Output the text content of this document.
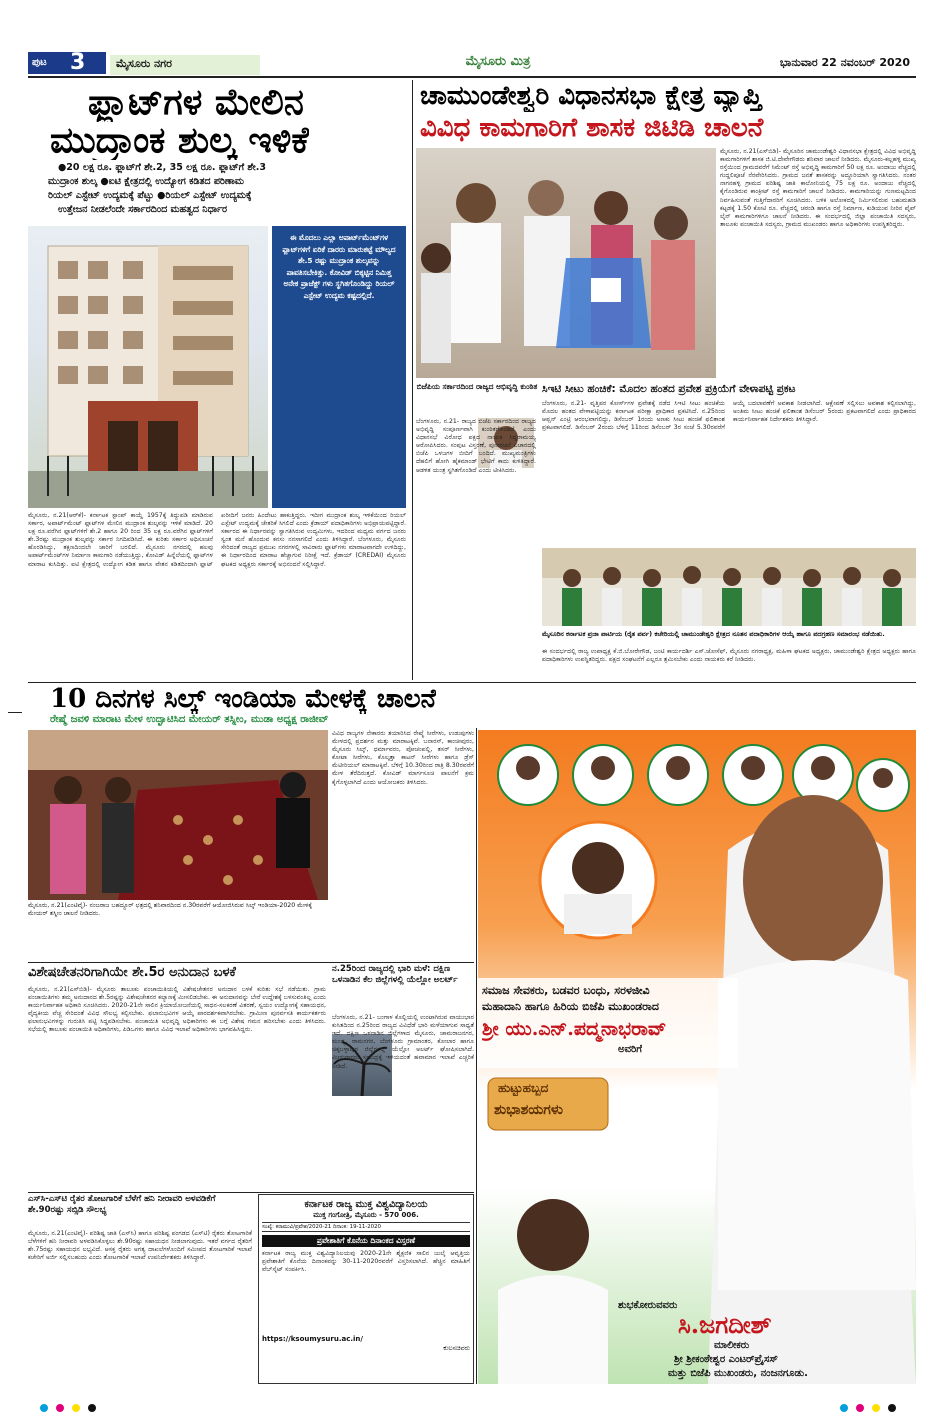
ಪುಟ 3	ಮೈಸೂರು ನಗರ	ಮೈಸೂರು ಮಿತ್ರ	ಭಾನುವಾರ 22 ನವಂಬರ್ 2020
ಫ್ಲಾಟ್‌ಗಳ ಮೇಲಿನ
ಮುದ್ರಾಂಕ ಶುಲ್ಕ ಇಳಿಕೆ
●20 ಲಕ್ಷ ರೂ. ಫ್ಲಾಟ್‌ಗೆ ಶೇ.2, 35 ಲಕ್ಷ ರೂ. ಫ್ಲಾಟ್‌ಗೆ ಶೇ.3
ಮುದ್ರಾಂಕ ಶುಲ್ಕ ●ಐಟಿ ಕ್ಷೇತ್ರದಲ್ಲಿ ಉದ್ಯೋಗ ಕಡಿತದ ಪರಿಣಾಮ
ರಿಯಲ್ ಎಸ್ಟೇಟ್ ಉದ್ಯಮಕ್ಕೆ ಪೆಟ್ಟು ●ರಿಯಲ್ ಎಸ್ಟೇಟ್ ಉದ್ಯಮಕ್ಕೆ
ಉತ್ತೇಜನ ನೀಡಲೆಂದೇ ಸರ್ಕಾರದಿಂದ ಮಹತ್ವದ ನಿರ್ಧಾರ
ಈ ಮೊದಲು ಎಲ್ಲಾ ಅಪಾರ್ಟ್‌ಮೆಂಟ್‌ಗಳ ಫ್ಲಾಟ್‌ಗಳಿಗೆ ಏರಿಕೆ ದಾರರು ಮಾರುಕಟ್ಟೆ ಮೌಲ್ಯದ ಶೇ.5 ರಷ್ಟು ಮುದ್ರಾಂಕ ಶುಲ್ಕವನ್ನು ಪಾವತಿಸಬೇಕಿತ್ತು. ಕೋವಿಡ್ ಬಿಕ್ಕಟ್ಟಿನ ನಿಮಿತ್ತ ಅನೇಕ ಪ್ರಾಜೆಕ್ಟ್ ಗಳು ಸ್ಥಗಿತಗೊಂಡಿದ್ದು ರಿಯಲ್ ಎಸ್ಟೇಟ್ ಉದ್ಯಮ ಕಷ್ಟದಲ್ಲಿದೆ.
ಮೈಸೂರು, ನ.21(ಆರ್‌ಕೆ)- ಕರ್ನಾಟಕ ಸ್ಟಾಂಪ್ ಕಾಯ್ದೆ 1957ಕ್ಕೆ ತಿದ್ದುಪಡಿ ಮಾಡಿರುವ ಸರ್ಕಾರ, ಅಪಾರ್ಟ್‌ಮೆಂಟ್ ಫ್ಲಾಟ್‌ಗಳ ಮೇಲಿನ ಮುದ್ರಾಂಕ ಶುಲ್ಕವನ್ನು ಇಳಿಕೆ ಮಾಡಿದೆ. 20 ಲಕ್ಷ ರೂ.ವರೆಗಿನ ಫ್ಲಾಟ್‌ಗಳಿಗೆ ಶೇ.2 ಹಾಗೂ 20 ರಿಂದ 35 ಲಕ್ಷ ರೂ.ವರೆಗಿನ ಫ್ಲಾಟ್‌ಗಳಿಗೆ ಶೇ.3ರಷ್ಟು ಮುದ್ರಾಂಕ ಶುಲ್ಕವನ್ನು ಸರ್ಕಾರ ನಿಗದಿಪಡಿಸಿದೆ. ಈ ಕುರಿತು ಸರ್ಕಾರ ಅಧಿಸೂಚನೆ ಹೊರಡಿಸಿದ್ದು, ತಕ್ಷಣದಿಂದಲೇ ಜಾರಿಗೆ ಬರಲಿದೆ. ಮೈಸೂರು ನಗರದಲ್ಲಿ ಹಲವು ಅಪಾರ್ಟ್‌ಮೆಂಟ್‌ಗಳ ನಿರ್ಮಾಣ ಕಾಮಗಾರಿ ನಡೆಯುತ್ತಿದ್ದು, ಕೋವಿಡ್ ಹಿನ್ನೆಲೆಯಲ್ಲಿ ಫ್ಲಾಟ್‌ಗಳ ಮಾರಾಟ ಕುಸಿದಿತ್ತು. ಐಟಿ ಕ್ಷೇತ್ರದಲ್ಲಿ ಉದ್ಯೋಗ ಕಡಿತ ಹಾಗೂ ವೇತನ ಕಡಿತದಿಂದಾಗಿ ಫ್ಲಾಟ್ ಖರೀದಿಗೆ ಜನರು ಹಿಂದೇಟು ಹಾಕುತ್ತಿದ್ದರು. ಇದೀಗ ಮುದ್ರಾಂಕ ಶುಲ್ಕ ಇಳಿಕೆಯಿಂದ ರಿಯಲ್ ಎಸ್ಟೇಟ್ ಉದ್ಯಮಕ್ಕೆ ಚೇತರಿಕೆ ಸಿಗಲಿದೆ ಎಂದು ಕ್ರೆಡಾಯ್ ಪದಾಧಿಕಾರಿಗಳು ಅಭಿಪ್ರಾಯಪಟ್ಟಿದ್ದಾರೆ. ಸರ್ಕಾರದ ಈ ನಿರ್ಧಾರವನ್ನು ಸ್ವಾಗತಿಸಿರುವ ಉದ್ಯಮಿಗಳು, ಇದರಿಂದ ಮಧ್ಯಮ ವರ್ಗದ ಜನರು ಸ್ವಂತ ಮನೆ ಹೊಂದುವ ಕನಸು ನನಸಾಗಲಿದೆ ಎಂದು ತಿಳಿಸಿದ್ದಾರೆ. ಬೆಂಗಳೂರು, ಮೈಸೂರು ಸೇರಿದಂತೆ ರಾಜ್ಯದ ಪ್ರಮುಖ ನಗರಗಳಲ್ಲಿ ಸಾವಿರಾರು ಫ್ಲಾಟ್‌ಗಳು ಮಾರಾಟವಾಗದೇ ಉಳಿದಿದ್ದು, ಈ ನಿರ್ಧಾರದಿಂದ ಮಾರಾಟ ಹೆಚ್ಚಾಗುವ ನಿರೀಕ್ಷೆ ಇದೆ. ಕ್ರೆಡಾಯ್ (CREDAI) ಮೈಸೂರು ಘಟಕದ ಅಧ್ಯಕ್ಷರು ಸರ್ಕಾರಕ್ಕೆ ಅಭಿನಂದನೆ ಸಲ್ಲಿಸಿದ್ದಾರೆ.
ಚಾಮುಂಡೇಶ್ವರಿ ವಿಧಾನಸಭಾ ಕ್ಷೇತ್ರ ವ್ಯಾಪ್ತಿ
ವಿವಿಧ ಕಾಮಗಾರಿಗೆ ಶಾಸಕ ಜಿಟಿಡಿ ಚಾಲನೆ
ಮೈಸೂರು, ನ.21(ಎಸ್‌ಬಿಡಿ)- ಮೈಸೂರಿನ ಚಾಮುಂಡೇಶ್ವರಿ ವಿಧಾನಸಭಾ ಕ್ಷೇತ್ರದಲ್ಲಿ ವಿವಿಧ ಅಭಿವೃದ್ಧಿ ಕಾಮಗಾರಿಗಳಿಗೆ ಶಾಸಕ ಜಿ.ಟಿ.ದೇವೇಗೌಡರು ಶನಿವಾರ ಚಾಲನೆ ನೀಡಿದರು. ಮೈಸೂರು-ಕಲ್ಲಹಳ್ಳಿ ಮುಖ್ಯ ರಸ್ತೆಯಿಂದ ಗ್ರಾಮದವರೆಗೆ ಸಿಮೆಂಟ್ ರಸ್ತೆ ಅಭಿವೃದ್ಧಿ ಕಾಮಗಾರಿಗೆ 50 ಲಕ್ಷ ರೂ. ಅಂದಾಜು ವೆಚ್ಚದಲ್ಲಿ ಗುದ್ದಲಿಪೂಜೆ ನೆರವೇರಿಸಿದರು. ಗ್ರಾಮದ ಜನತೆ ಶಾಸಕರನ್ನು ಅದ್ಧೂರಿಯಾಗಿ ಸ್ವಾಗತಿಸಿದರು. ನಂತರ ನಾಗನಹಳ್ಳಿ ಗ್ರಾಮದ ಪರಿಶಿಷ್ಟ ಜಾತಿ ಕಾಲೋನಿಯಲ್ಲಿ 75 ಲಕ್ಷ ರೂ. ಅಂದಾಜು ವೆಚ್ಚದಲ್ಲಿ ಕೈಗೊಂಡಿರುವ ಕಾಂಕ್ರೀಟ್ ರಸ್ತೆ ಕಾಮಗಾರಿಗೆ ಚಾಲನೆ ನೀಡಿದರು. ಕಾಮಗಾರಿಯನ್ನು ಗುಣಮಟ್ಟದಿಂದ ನಿರ್ವಹಿಸುವಂತೆ ಗುತ್ತಿಗೆದಾರರಿಗೆ ಸೂಚಿಸಿದರು. ಬಳಿಕ ಅಲೋಕದಲ್ಲಿ ನಿರ್ಮಿಸಲಿರುವ ಬಹುಮಹಡಿ ಕಟ್ಟಡಕ್ಕೆ 1.50 ಕೋಟಿ ರೂ. ವೆಚ್ಚದಲ್ಲಿ ಚರಂಡಿ ಹಾಗೂ ರಸ್ತೆ ನಿರ್ಮಾಣ, ಕುಡಿಯುವ ನೀರಿನ ಪೈಪ್ ಲೈನ್ ಕಾಮಗಾರಿಗಳಿಗೂ ಚಾಲನೆ ನೀಡಿದರು. ಈ ಸಂದರ್ಭದಲ್ಲಿ ಜಿಲ್ಲಾ ಪಂಚಾಯಿತಿ ಸದಸ್ಯರು, ತಾಲೂಕು ಪಂಚಾಯಿತಿ ಸದಸ್ಯರು, ಗ್ರಾಮದ ಮುಖಂಡರು ಹಾಗೂ ಅಧಿಕಾರಿಗಳು ಉಪಸ್ಥಿತರಿದ್ದರು.
ಬಿಜೆಪಿಯ ಸರ್ಕಾರದಿಂದ ರಾಜ್ಯದ ಅಭಿವೃದ್ಧಿ ಕುಂಠಿತ
ಬೆಂಗಳೂರು, ನ.21- ರಾಜ್ಯದ ಬಿಜೆಪಿ ಸರ್ಕಾರದಿಂದ ರಾಜ್ಯದ ಅಭಿವೃದ್ಧಿ ಸಂಪೂರ್ಣವಾಗಿ ಕುಂಠಿತಗೊಂಡಿದೆ ಎಂದು ವಿಧಾನಸಭೆ ವಿರೋಧ ಪಕ್ಷದ ನಾಯಕ ಸಿದ್ದರಾಮಯ್ಯ ಆರೋಪಿಸಿದರು. ಸಂಪುಟ ವಿಸ್ತರಣೆ, ಪುನಾರಚನೆ ವಿಚಾರದಲ್ಲಿ ಬಿಜೆಪಿ ಒಳಜಗಳ ಬೀದಿಗೆ ಬಂದಿದೆ. ಮುಖ್ಯಮಂತ್ರಿಗಳು ದೆಹಲಿಗೆ ಹೋಗಿ ಹೈಕಮಾಂಡ್ ಭೇಟಿಗೆ ಕಾದು ಕುಳಿತಿದ್ದಾರೆ. ಆಡಳಿತ ಯಂತ್ರ ಸ್ಥಗಿತಗೊಂಡಿದೆ ಎಂದು ಟೀಕಿಸಿದರು.
ಸಿಇಟಿ ಸೀಟು ಹಂಚಿಕೆ: ಮೊದಲ ಹಂತದ ಪ್ರವೇಶ ಪ್ರಕ್ರಿಯೆಗೆ ವೇಳಾಪಟ್ಟಿ ಪ್ರಕಟ
ಬೆಂಗಳೂರು, ನ.21- ವೃತ್ತಿಪರ ಕೋರ್ಸ್‌ಗಳ ಪ್ರವೇಶಕ್ಕೆ ನಡೆದ ಸಿಇಟಿ ಸೀಟು ಹಂಚಿಕೆಯ ಮೊದಲ ಹಂತದ ವೇಳಾಪಟ್ಟಿಯನ್ನು ಕರ್ನಾಟಕ ಪರೀಕ್ಷಾ ಪ್ರಾಧಿಕಾರ ಪ್ರಕಟಿಸಿದೆ. ನ.25ರಿಂದ ಆಪ್ಷನ್ ಎಂಟ್ರಿ ಆರಂಭವಾಗಲಿದ್ದು, ಡಿಸೆಂಬರ್ 1ರಂದು ಅಣಕು ಸೀಟು ಹಂಚಿಕೆ ಫಲಿತಾಂಶ ಪ್ರಕಟವಾಗಲಿದೆ. ಡಿಸೆಂಬರ್ 2ರಂದು ಬೆಳಿಗ್ಗೆ 11ರಿಂದ ಡಿಸೆಂಬರ್ 3ರ ಸಂಜೆ 5.30ರವರೆಗೆ ಆಯ್ಕೆ ಬದಲಾವಣೆಗೆ ಅವಕಾಶ ನೀಡಲಾಗಿದೆ. ಆಕ್ಷೇಪಣೆ ಸಲ್ಲಿಸಲು ಅವಕಾಶ ಕಲ್ಪಿಸಲಾಗಿದ್ದು, ಅಂತಿಮ ಸೀಟು ಹಂಚಿಕೆ ಫಲಿತಾಂಶ ಡಿಸೆಂಬರ್ 5ರಂದು ಪ್ರಕಟವಾಗಲಿದೆ ಎಂದು ಪ್ರಾಧಿಕಾರದ ಕಾರ್ಯನಿರ್ವಾಹಕ ನಿರ್ದೇಶಕರು ತಿಳಿಸಿದ್ದಾರೆ.
ಮೈಸೂರಿನ ಕರ್ನಾಟಕ ಪ್ರಜಾ ಪಾರ್ಟಿಯ (ರೈತ ಪರ್ವ) ಕಚೇರಿಯಲ್ಲಿ ಚಾಮುಂಡೇಶ್ವರಿ ಕ್ಷೇತ್ರದ ನೂತನ ಪದಾಧಿಕಾರಿಗಳ ಆಯ್ಕೆ ಹಾಗೂ ಪದಗ್ರಹಣ ಸಮಾರಂಭ ನಡೆಯಿತು.
ಈ ಸಂದರ್ಭದಲ್ಲಿ ರಾಜ್ಯ ಉಪಾಧ್ಯಕ್ಷ ಕೆ.ಜಿ.ಬೋರೇಗೌಡ, ಜಂಟಿ ಕಾರ್ಯದರ್ಶಿ ಎಸ್.ಜೋಸೆಫ್, ಮೈಸೂರು ನಗರಾಧ್ಯಕ್ಷ, ಮಹಿಳಾ ಘಟಕದ ಅಧ್ಯಕ್ಷರು, ಚಾಮುಂಡೇಶ್ವರಿ ಕ್ಷೇತ್ರದ ಅಧ್ಯಕ್ಷರು ಹಾಗೂ ಪದಾಧಿಕಾರಿಗಳು ಉಪಸ್ಥಿತರಿದ್ದರು. ಪಕ್ಷದ ಸಂಘಟನೆಗೆ ಎಲ್ಲರೂ ಶ್ರಮಿಸಬೇಕು ಎಂದು ನಾಯಕರು ಕರೆ ನೀಡಿದರು.
10 ದಿನಗಳ ಸಿಲ್ಕ್ ಇಂಡಿಯಾ ಮೇಳಕ್ಕೆ ಚಾಲನೆ
ರೇಷ್ಮೆ ಜವಳಿ ಮಾರಾಟ ಮೇಳ ಉದ್ಘಾಟಿಸಿದ ಮೇಯರ್ ತಸ್ನೀಂ, ಮುಡಾ ಅಧ್ಯಕ್ಷ ರಾಜೀವ್
ವಿವಿಧ ರಾಜ್ಯಗಳ ನೇಕಾರರು ತಯಾರಿಸಿದ ರೇಷ್ಮೆ ಸೀರೆಗಳು, ಉಡುಪುಗಳು ಮೇಳದಲ್ಲಿ ಪ್ರದರ್ಶನ ಮತ್ತು ಮಾರಾಟಕ್ಕಿವೆ. ಬನಾರಸ್, ಕಾಂಚೀಪುರಂ, ಮೈಸೂರು ಸಿಲ್ಕ್, ಧರ್ಮಾವರಂ, ಪೋಚಂಪಲ್ಲಿ, ತಸರ್ ಸೀರೆಗಳು, ಕೋಟಾ ಸೀರೆಗಳು, ಕೊಲ್ಕತ್ತಾ ಕಾಟನ್ ಸೀರೆಗಳು ಹಾಗೂ ಡ್ರೆಸ್ ಮೆಟೀರಿಯಲ್ ಮಾರಾಟಕ್ಕಿವೆ. ಬೆಳಿಗ್ಗೆ 10.30ರಿಂದ ರಾತ್ರಿ 8.30ರವರೆಗೆ ಮೇಳ ತೆರೆದಿರುತ್ತದೆ. ಕೋವಿಡ್ ಮಾರ್ಗಸೂಚಿ ಪಾಲನೆಗೆ ಕ್ರಮ ಕೈಗೊಳ್ಳಲಾಗಿದೆ ಎಂದು ಆಯೋಜಕರು ತಿಳಿಸಿದರು.
ಮೈಸೂರು, ನ.21(ಎಂಟಿವೈ)- ನಂಜರಾಜ ಬಹದ್ದೂರ್ ಛತ್ರದಲ್ಲಿ ಶನಿವಾರದಿಂದ ನ.30ರವರೆಗೆ ಆಯೋಜಿಸಿರುವ ಸಿಲ್ಕ್ ಇಂಡಿಯಾ-2020 ಮೇಳಕ್ಕೆ ಮೇಯರ್ ತಸ್ನೀಂ ಚಾಲನೆ ನೀಡಿದರು.
ವಿಶೇಷಚೇತನರಿಗಾಗಿಯೇ ಶೇ.5ರ ಅನುದಾನ ಬಳಕೆ
ಮೈಸೂರು, ನ.21(ಎಸ್‌ಬಿಡಿ)- ಮೈಸೂರು ತಾಲೂಕು ಪಂಚಾಯಿತಿಯಲ್ಲಿ ವಿಶೇಷಚೇತನರ ಅನುದಾನ ಬಳಕೆ ಕುರಿತು ಸಭೆ ನಡೆಯಿತು. ಗ್ರಾಮ ಪಂಚಾಯಿತಿಗಳು ತಮ್ಮ ಅನುದಾನದ ಶೇ.5ರಷ್ಟನ್ನು ವಿಶೇಷಚೇತನರ ಕಲ್ಯಾಣಕ್ಕೆ ಮೀಸಲಿಡಬೇಕು. ಈ ಅನುದಾನವನ್ನು ಬೇರೆ ಉದ್ದೇಶಕ್ಕೆ ಬಳಸುವಂತಿಲ್ಲ ಎಂದು ಕಾರ್ಯನಿರ್ವಾಹಕ ಅಧಿಕಾರಿ ಸೂಚಿಸಿದರು. 2020-21ನೇ ಸಾಲಿನ ಕ್ರಿಯಾಯೋಜನೆಯಲ್ಲಿ ಸಾಧನ-ಸಲಕರಣೆ ವಿತರಣೆ, ಸ್ವಯಂ ಉದ್ಯೋಗಕ್ಕೆ ಸಹಾಯಧನ, ವೈದ್ಯಕೀಯ ವೆಚ್ಚ ಸೇರಿದಂತೆ ವಿವಿಧ ಸೌಲಭ್ಯ ಕಲ್ಪಿಸಬೇಕು. ಫಲಾನುಭವಿಗಳ ಆಯ್ಕೆ ಪಾರದರ್ಶಕವಾಗಿರಬೇಕು. ಗ್ರಾಮೀಣ ಪುನರ್ವಸತಿ ಕಾರ್ಯಕರ್ತರು ಫಲಾನುಭವಿಗಳನ್ನು ಗುರುತಿಸಿ ಪಟ್ಟಿ ಸಿದ್ಧಪಡಿಸಬೇಕು. ಪಂಚಾಯಿತಿ ಅಭಿವೃದ್ಧಿ ಅಧಿಕಾರಿಗಳು ಈ ಬಗ್ಗೆ ವಿಶೇಷ ಗಮನ ಹರಿಸಬೇಕು ಎಂದು ತಿಳಿಸಿದರು. ಸಭೆಯಲ್ಲಿ ತಾಲೂಕು ಪಂಚಾಯಿತಿ ಅಧಿಕಾರಿಗಳು, ಪಿಡಿಒಗಳು ಹಾಗೂ ವಿವಿಧ ಇಲಾಖೆ ಅಧಿಕಾರಿಗಳು ಭಾಗವಹಿಸಿದ್ದರು.
ನ.25ರಿಂದ ರಾಜ್ಯದಲ್ಲಿ ಭಾರಿ ಮಳೆ: ದಕ್ಷಿಣ ಒಳನಾಡಿನ ಕೆಲ ಜಿಲ್ಲೆಗಳಲ್ಲಿ ಯೆಲ್ಲೋ ಅಲರ್ಟ್
ಬೆಂಗಳೂರು, ನ.21- ಬಂಗಾಳ ಕೊಲ್ಲಿಯಲ್ಲಿ ಉಂಟಾಗಿರುವ ವಾಯುಭಾರ ಕುಸಿತದಿಂದ ನ.25ರಿಂದ ರಾಜ್ಯದ ವಿವಿಧೆಡೆ ಭಾರಿ ಮಳೆಯಾಗುವ ಸಾಧ್ಯತೆ ಇದೆ. ದಕ್ಷಿಣ ಒಳನಾಡಿನ ಜಿಲ್ಲೆಗಳಾದ ಮೈಸೂರು, ಚಾಮರಾಜನಗರ, ಮಂಡ್ಯ, ರಾಮನಗರ, ಬೆಂಗಳೂರು ಗ್ರಾಮಾಂತರ, ಕೋಲಾರ ಹಾಗೂ ಚಿಕ್ಕಬಳ್ಳಾಪುರ ಜಿಲ್ಲೆಗಳಲ್ಲಿ ಯೆಲ್ಲೋ ಅಲರ್ಟ್ ಘೋಷಿಸಲಾಗಿದೆ. ಮೀನುಗಾರರು ಸಮುದ್ರಕ್ಕೆ ಇಳಿಯದಂತೆ ಹವಾಮಾನ ಇಲಾಖೆ ಎಚ್ಚರಿಕೆ ನೀಡಿದೆ.
ಎಸ್‌ಸಿ-ಎಸ್‌ಟಿ ರೈತರ ತೋಟಗಾರಿಕೆ ಬೆಳೆಗೆ ಹನಿ ನೀರಾವರಿ ಅಳವಡಿಕೆಗೆ ಶೇ.90ರಷ್ಟು ಸಬ್ಸಿಡಿ ಸೌಲಭ್ಯ
ಮೈಸೂರು, ನ.21(ಎಂಟಿವೈ)- ಪರಿಶಿಷ್ಟ ಜಾತಿ (ಎಸ್‌ಸಿ) ಹಾಗೂ ಪರಿಶಿಷ್ಟ ಪಂಗಡದ (ಎಸ್‌ಟಿ) ರೈತರು ತೋಟಗಾರಿಕೆ ಬೆಳೆಗಳಿಗೆ ಹನಿ ನೀರಾವರಿ ಅಳವಡಿಸಿಕೊಳ್ಳಲು ಶೇ.90ರಷ್ಟು ಸಹಾಯಧನ ನೀಡಲಾಗುವುದು. ಇತರೆ ವರ್ಗದ ರೈತರಿಗೆ ಶೇ.75ರಷ್ಟು ಸಹಾಯಧನ ಲಭ್ಯವಿದೆ. ಆಸಕ್ತ ರೈತರು ಅಗತ್ಯ ದಾಖಲೆಗಳೊಂದಿಗೆ ಸಮೀಪದ ತೋಟಗಾರಿಕೆ ಇಲಾಖೆ ಕಚೇರಿಗೆ ಅರ್ಜಿ ಸಲ್ಲಿಸಬಹುದು ಎಂದು ತೋಟಗಾರಿಕೆ ಇಲಾಖೆ ಉಪನಿರ್ದೇಶಕರು ತಿಳಿಸಿದ್ದಾರೆ.
ಕರ್ನಾಟಕ ರಾಜ್ಯ ಮುಕ್ತ ವಿಶ್ವವಿದ್ಯಾನಿಲಯ
ಮುಕ್ತ ಗಂಗೋತ್ರಿ, ಮೈಸೂರು - 570 006.
ಸಂಖ್ಯೆ: ಕರಾಮುವಿ/ಪ್ರವೇಶ/2020-21 ದಿನಾಂಕ: 19-11-2020
ಪ್ರವೇಶಾತಿಗೆ ಕೊನೆಯ ದಿನಾಂಕದ ವಿಸ್ತರಣೆ
ಕರ್ನಾಟಕ ರಾಜ್ಯ ಮುಕ್ತ ವಿಶ್ವವಿದ್ಯಾನಿಲಯವು 2020-21ನೇ ಶೈಕ್ಷಣಿಕ ಸಾಲಿನ ಜುಲೈ ಆವೃತ್ತಿಯ ಪ್ರವೇಶಾತಿಗೆ ಕೊನೆಯ ದಿನಾಂಕವನ್ನು 30-11-2020ರವರೆಗೆ ವಿಸ್ತರಿಸಲಾಗಿದೆ. ಹೆಚ್ಚಿನ ಮಾಹಿತಿಗೆ ವೆಬ್‌ಸೈಟ್ ಸಂಪರ್ಕಿಸಿ.
https://ksoumysuru.ac.in/
ಕುಲಸಚಿವರು
ಸಮಾಜ ಸೇವಕರು, ಬಡವರ ಬಂಧು, ಸರಳಜೀವಿ
ಮಹಾದಾನಿ ಹಾಗೂ ಹಿರಿಯ ಬಿಜೆಪಿ ಮುಖಂಡರಾದ
ಶ್ರೀ ಯು.ಎನ್.ಪದ್ಮನಾಭರಾವ್
ಅವರಿಗೆ
ಹುಟ್ಟುಹಬ್ಬದ
ಶುಭಾಶಯಗಳು
ಶುಭಕೋರುವವರು
ಸಿ.ಜಗದೀಶ್
ಮಾಲೀಕರು
ಶ್ರೀ ಶ್ರೀಕಂಠೇಶ್ವರ ಎಂಟರ್‌ಪ್ರೈಸಸ್
ಮತ್ತು ಬಿಜೆಪಿ ಮುಖಂಡರು, ನಂಜನಗೂಡು.
